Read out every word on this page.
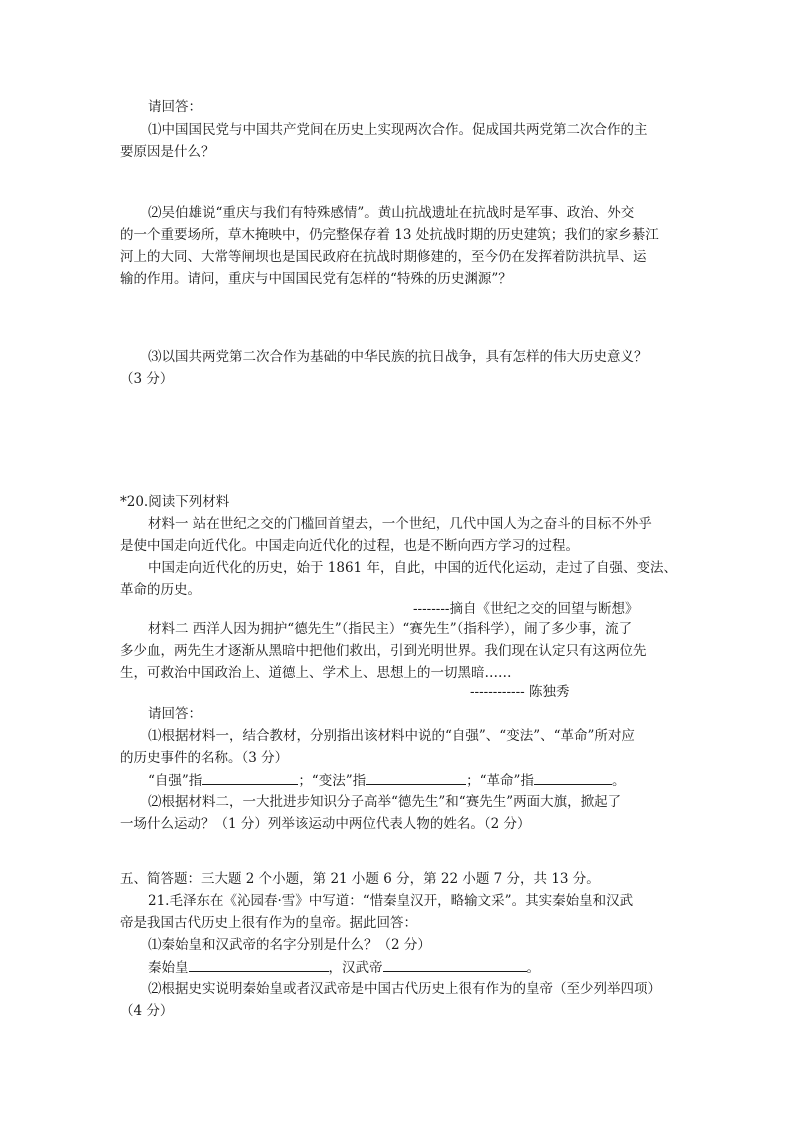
请回答：
⑴中国国民党与中国共产党间在历史上实现两次合作。促成国共两党第二次合作的主
要原因是什么？
⑵吴伯雄说“重庆与我们有特殊感情”。黄山抗战遗址在抗战时是军事、政治、外交
的一个重要场所，草木掩映中，仍完整保存着 13 处抗战时期的历史建筑；我们的家乡綦江
河上的大同、大常等闸坝也是国民政府在抗战时期修建的，至今仍在发挥着防洪抗旱、运
输的作用。请问，重庆与中国国民党有怎样的“特殊的历史渊源”？
⑶以国共两党第二次合作为基础的中华民族的抗日战争，具有怎样的伟大历史意义？
（3 分）
*20.阅读下列材料
材料一 站在世纪之交的门槛回首望去，一个世纪，几代中国人为之奋斗的目标不外乎
是使中国走向近代化。中国走向近代化的过程，也是不断向西方学习的过程。
中国走向近代化的历史，始于 1861 年，自此，中国的近代化运动，走过了自强、变法、
革命的历史。
--------摘自《世纪之交的回望与断想》
材料二 西洋人因为拥护“德先生”（指民主）“赛先生”（指科学），闹了多少事，流了
多少血，两先生才逐渐从黑暗中把他们救出，引到光明世界。我们现在认定只有这两位先
生，可救治中国政治上、道德上、学术上、思想上的一切黑暗……
------------ 陈独秀
请回答：
⑴根据材料一，结合教材，分别指出该材料中说的“自强”、“变法”、“革命”所对应
的历史事件的名称。（3 分）
“自强”指	；“变法”指	；“革命”指	。
⑵根据材料二，一大批进步知识分子高举“德先生”和“赛先生”两面大旗，掀起了
一场什么运动？（1 分）列举该运动中两位代表人物的姓名。（2 分）
五、简答题：三大题 2 个小题，第 21 小题 6 分，第 22 小题 7 分，共 13 分。
21.毛泽东在《沁园春·雪》中写道：“惜秦皇汉开，略输文采”。其实秦始皇和汉武
帝是我国古代历史上很有作为的皇帝。据此回答：
⑴秦始皇和汉武帝的名字分别是什么？（2 分）
秦始皇	，汉武帝	。
⑵根据史实说明秦始皇或者汉武帝是中国古代历史上很有作为的皇帝（至少列举四项）
（4 分）
